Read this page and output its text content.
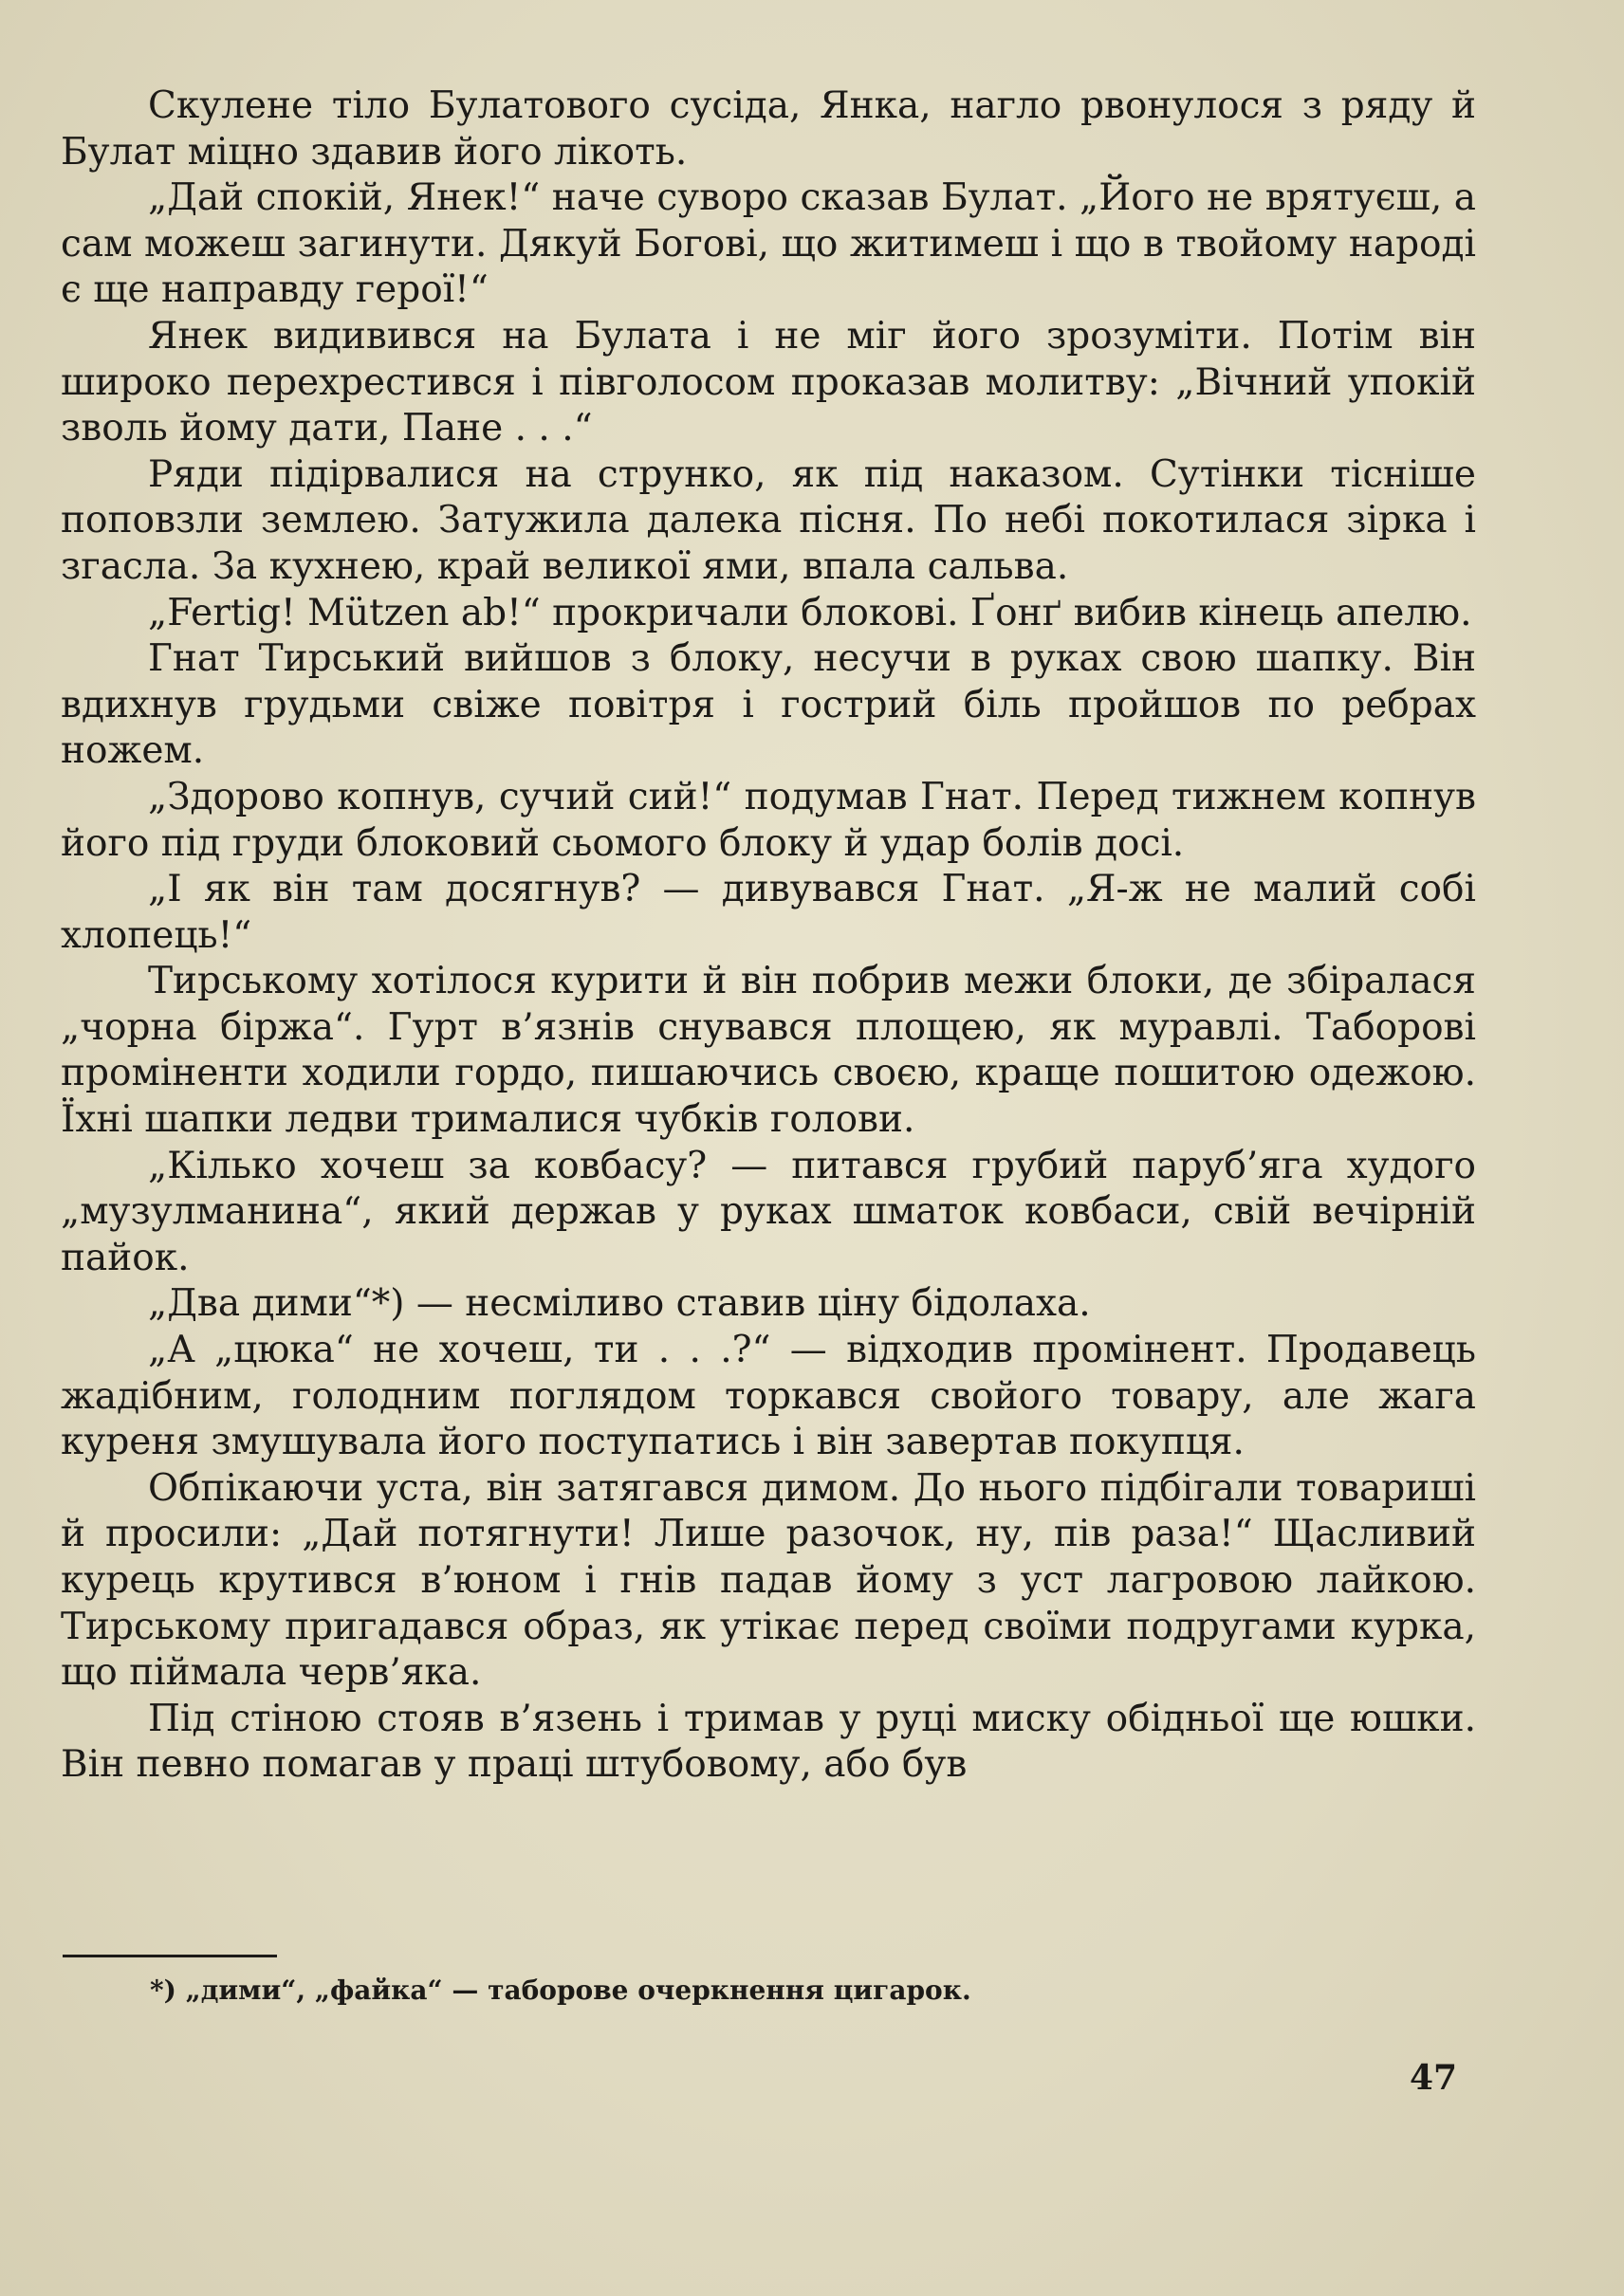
Скулене тіло Булатового сусіда, Янка, нагло рвонулося з ряду й Булат міцно здавив його лікоть.

„Дай спокій, Янек!“ наче суворо сказав Булат. „Його не врятуєш, а сам можеш загинути. Дякуй Богові, що житимеш і що в твойому народі є ще направду герої!“

Янек видивився на Булата і не міг його зрозуміти. Потім він широко перехрестився і півголосом проказав молитву: „Вічний упокій зволь йому дати, Пане . . .“

Ряди підірвалися на струнко, як під наказом. Сутінки тісніше поповзли землею. Затужила далека пісня. По небі покотилася зірка і згасла. За кухнею, край великої ями, впала сальва.

„Fertig! Mützen ab!“ прокричали блокові. Ґонґ вибив кінець апелю.

Гнат Тирський вийшов з блоку, несучи в руках свою шапку. Він вдихнув грудьми свіже повітря і гострий біль пройшов по ребрах ножем.

„Здорово копнув, сучий сий!“ подумав Гнат. Перед тижнем копнув його під груди блоковий сьомого блоку й удар болів досі.

„І як він там досягнув? — дивувався Гнат. „Я-ж не малий собі хлопець!“

Тирському хотілося курити й він побрив межи блоки, де збіралася „чорна біржа“. Гурт в’язнів снувався площею, як муравлі. Таборові проміненти ходили гордо, пишаючись своєю, краще пошитою одежою. Їхні шапки ледви трималися чубків голови.

„Кілько хочеш за ковбасу? — питався грубий паруб’яга худого „музулманина“, який держав у руках шматок ковбаси, свій вечірній пайок.

„Два дими“*) — несміливо ставив ціну бідолаха.

„А „цюка“ не хочеш, ти . . .?“ — відходив промінент. Продавець жадібним, голодним поглядом торкався свойого товару, але жага куреня змушувала його поступатись і він завертав покупця.

Обпікаючи уста, він затягався димом. До нього підбігали товариші й просили: „Дай потягнути! Лише разочок, ну, пів раза!“ Щасливий курець крутився в’юном і гнів падав йому з уст лагровою лайкою. Тирському пригадався образ, як утікає перед своїми подругами курка, що піймала черв’яка.

Під стіною стояв в’язень і тримав у руці миску обідньої ще юшки. Він певно помагав у праці штубовому, або був

*) „дими“, „файка“ — таборове очеркнення цигарок.
47
